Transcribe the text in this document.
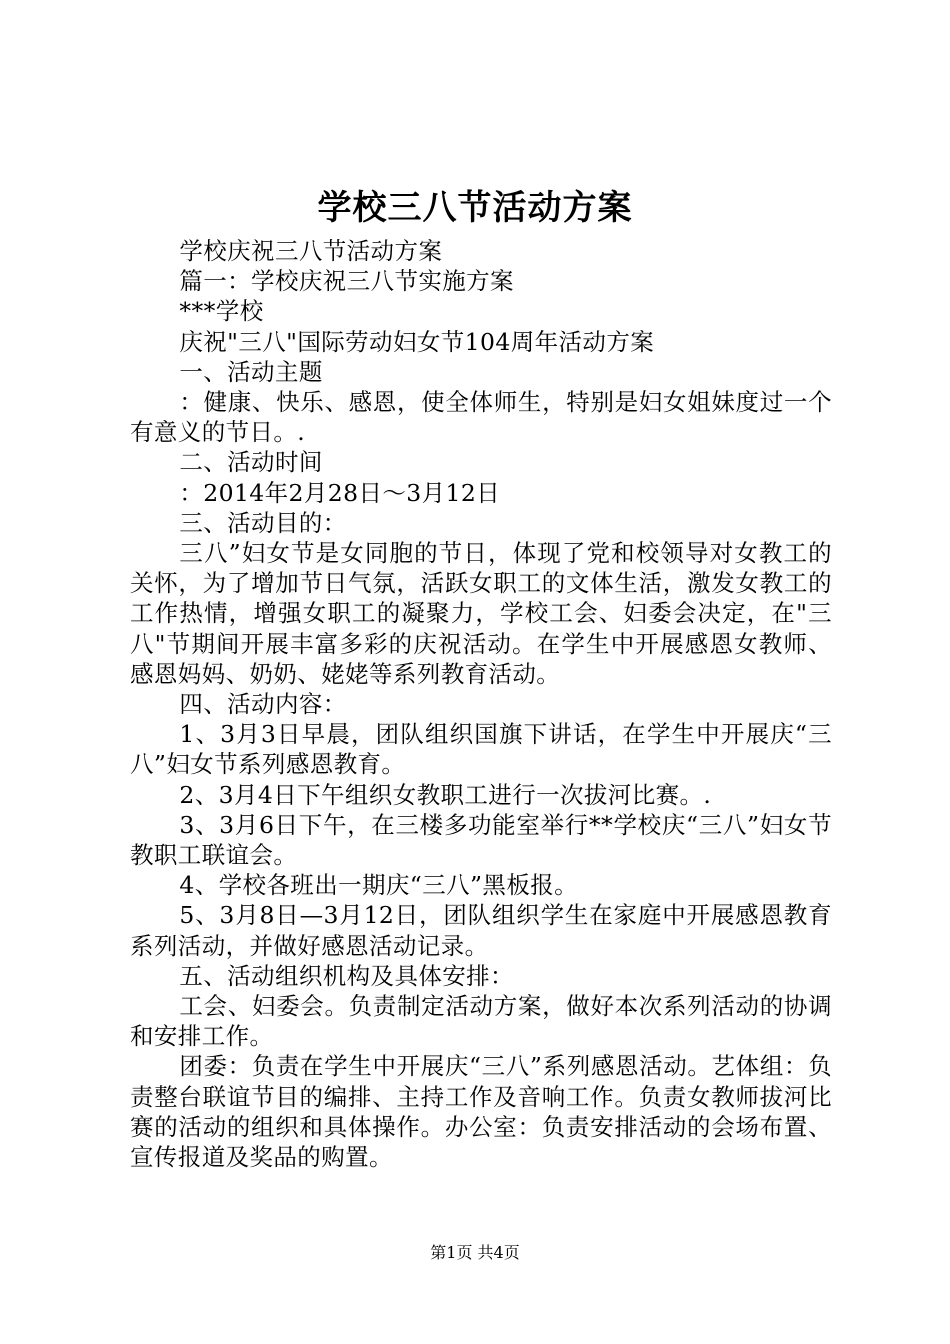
学校三八节活动方案

学校庆祝三八节活动方案

篇一：学校庆祝三八节实施方案

***学校

庆祝"三八"国际劳动妇女节104周年活动方案

一、活动主题

：健康、快乐、感恩，使全体师生，特别是妇女姐妹度过一个有意义的节日。.

二、活动时间

：2014年2月28日～3月12日

三、活动目的：

三八”妇女节是女同胞的节日，体现了党和校领导对女教工的关怀，为了增加节日气氛，活跃女职工的文体生活，激发女教工的工作热情，增强女职工的凝聚力，学校工会、妇委会决定，在"三八"节期间开展丰富多彩的庆祝活动。在学生中开展感恩女教师、感恩妈妈、奶奶、姥姥等系列教育活动。

四、活动内容：

1、3月3日早晨，团队组织国旗下讲话，在学生中开展庆“三八”妇女节系列感恩教育。

2、3月4日下午组织女教职工进行一次拔河比赛。.

3、3月6日下午，在三楼多功能室举行**学校庆“三八”妇女节教职工联谊会。

4、学校各班出一期庆“三八”黑板报。

5、3月8日—3月12日，团队组织学生在家庭中开展感恩教育系列活动，并做好感恩活动记录。

五、活动组织机构及具体安排：

工会、妇委会。负责制定活动方案，做好本次系列活动的协调和安排工作。

团委：负责在学生中开展庆“三八”系列感恩活动。艺体组：负责整台联谊节目的编排、主持工作及音响工作。负责女教师拔河比赛的活动的组织和具体操作。办公室：负责安排活动的会场布置、宣传报道及奖品的购置。

第1页 共4页
